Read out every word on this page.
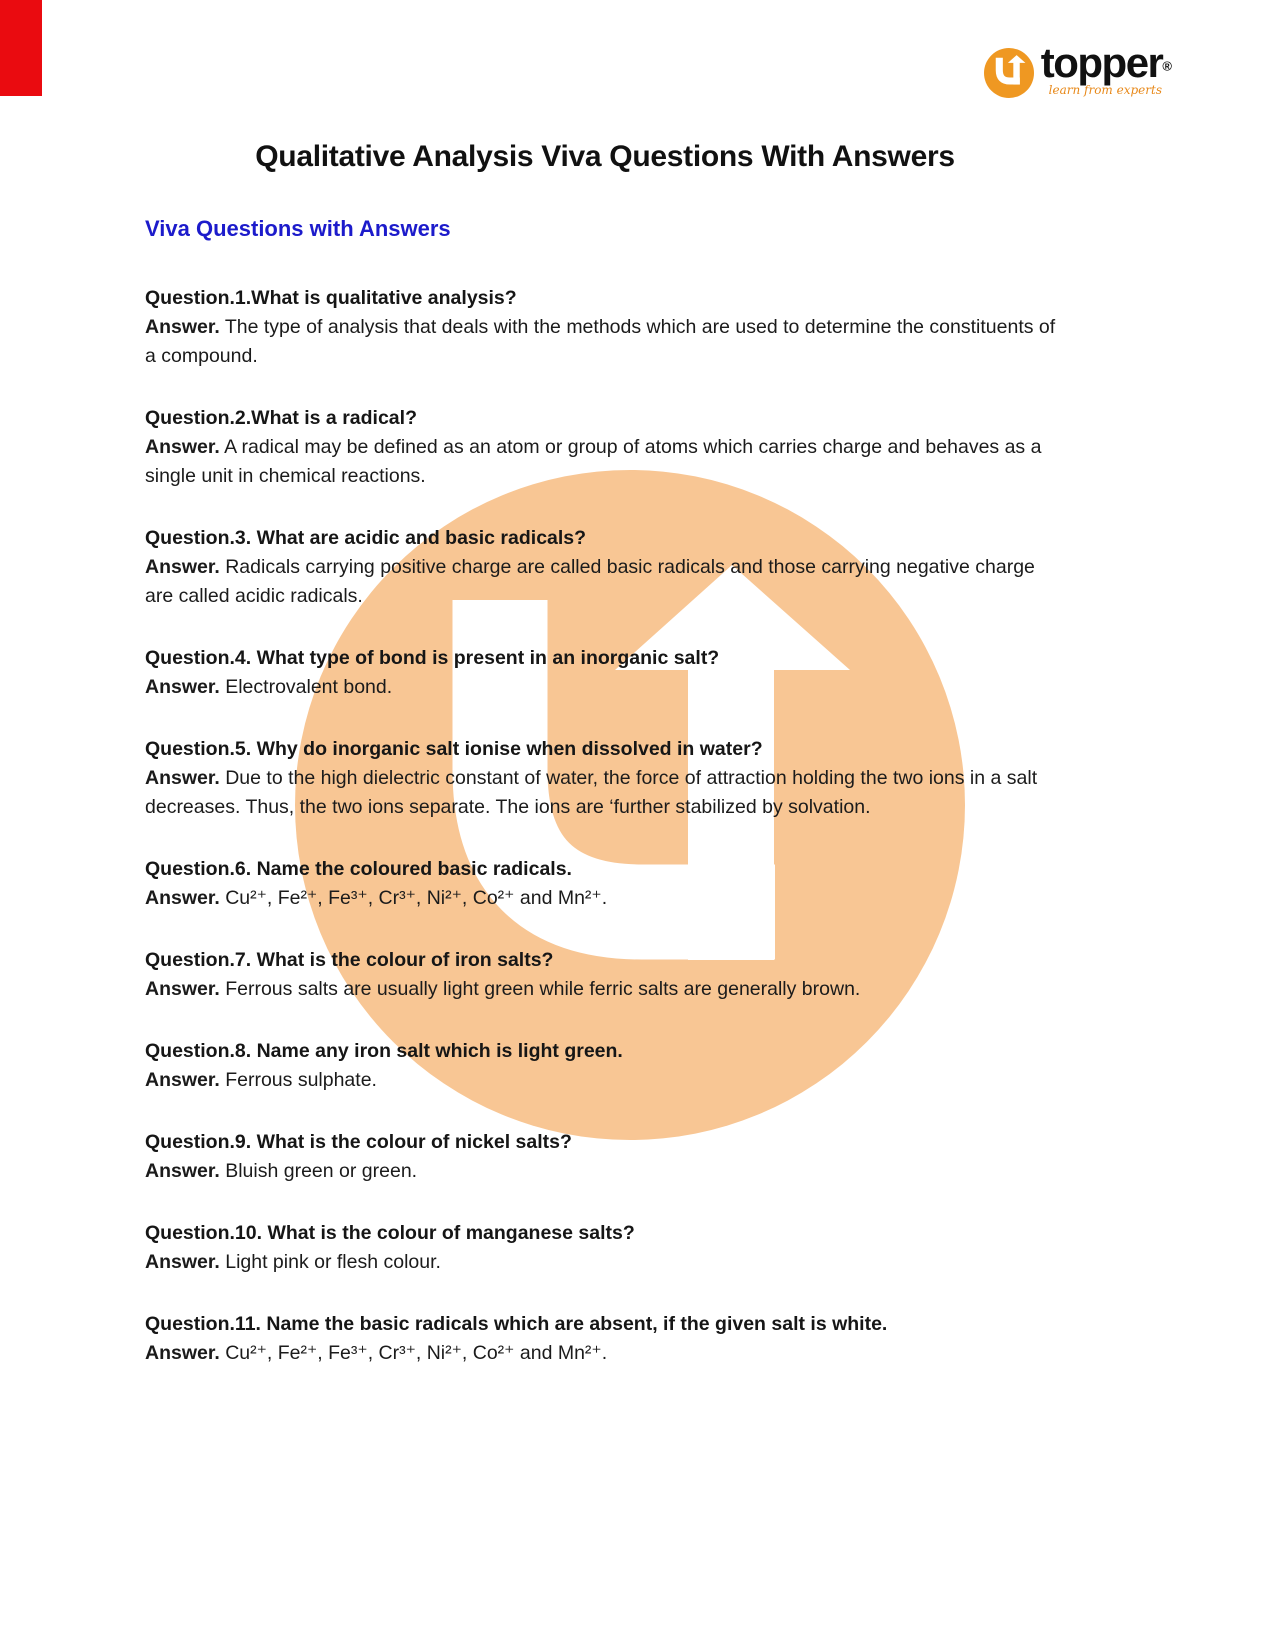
topper®
learn from experts
Qualitative Analysis Viva Questions With Answers
Viva Questions with Answers

Question.1.What is qualitative analysis?

Answer. The type of analysis that deals with the methods which are used to determine the constituents of a compound.

Question.2.What is a radical?

Answer. A radical may be defined as an atom or group of atoms which carries charge and behaves as a single unit in chemical reactions.

Question.3. What are acidic and basic radicals?

Answer. Radicals carrying positive charge are called basic radicals and those carrying negative charge are called acidic radicals.

Question.4. What type of bond is present in an inorganic salt?

Answer. Electrovalent bond.

Question.5. Why do inorganic salt ionise when dissolved in water?

Answer. Due to the high dielectric constant of water, the force of attraction holding the two ions in a salt decreases. Thus, the two ions separate. The ions are ‘further stabilized by solvation.

Question.6. Name the coloured basic radicals.

Answer. Cu²⁺, Fe²⁺, Fe³⁺, Cr³⁺, Ni²⁺, Co²⁺ and Mn²⁺.

Question.7. What is the colour of iron salts?

Answer. Ferrous salts are usually light green while ferric salts are generally brown.

Question.8. Name any iron salt which is light green.

Answer. Ferrous sulphate.

Question.9. What is the colour of nickel salts?

Answer. Bluish green or green.

Question.10. What is the colour of manganese salts?

Answer. Light pink or flesh colour.

Question.11. Name the basic radicals which are absent, if the given salt is white.

Answer. Cu²⁺, Fe²⁺, Fe³⁺, Cr³⁺, Ni²⁺, Co²⁺ and Mn²⁺.
